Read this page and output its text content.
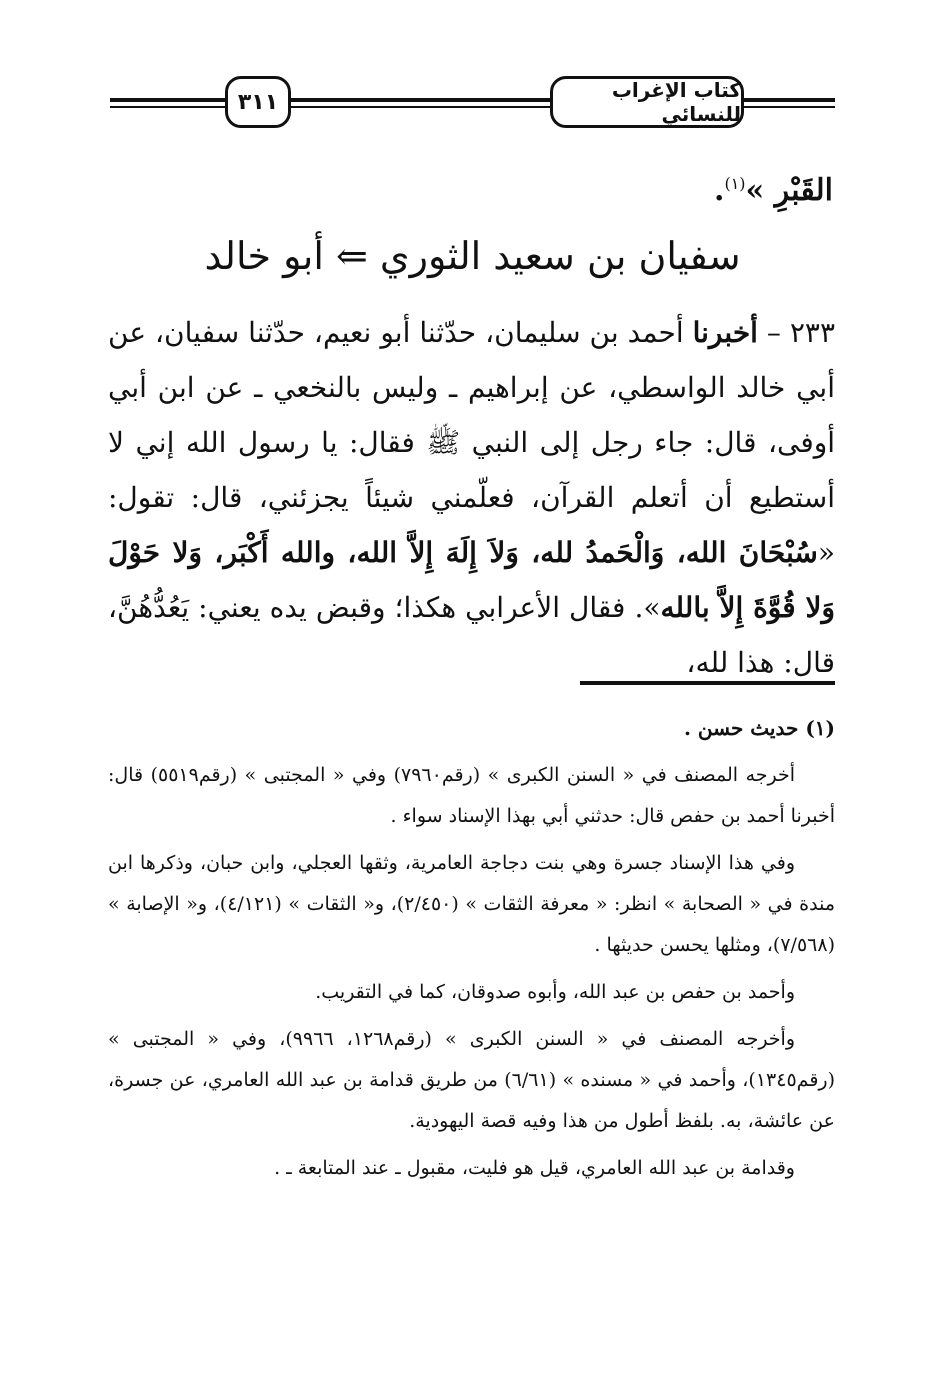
كتاب الإغراب للنسائي
٣١١
القَبْرِ »$^{(١)}$.
سفيان بن سعيد الثوري ⇐ أبو خالد
٢٣٣ – أخبرنا أحمد بن سليمان، حدّثنا أبو نعيم، حدّثنا سفيان، عن أبي خالد الواسطي، عن إبراهيم ـ وليس بالنخعي ـ عن ابن أبي أوفى، قال: جاء رجل إلى النبي ﷺ فقال: يا رسول الله إني لا أستطيع أن أتعلم القرآن، فعلّمني شيئاً يجزئني، قال: تقول: «سُبْحَانَ الله، وَالْحَمدُ لله، وَلاَ إِلَهَ إِلاَّ الله، والله أَكْبَر، وَلا حَوْلَ وَلا قُوَّةَ إِلاَّ بالله». فقال الأعرابي هكذا؛ وقبض يده يعني: يَعُدُّهُنَّ، قال: هذا لله،

(١) حديث حسن .

أخرجه المصنف في « السنن الكبرى » (رقم٧٩٦٠) وفي « المجتبى » (رقم٥٥١٩) قال: أخبرنا أحمد بن حفص قال: حدثني أبي بهذا الإسناد سواء .

وفي هذا الإسناد جسرة وهي بنت دجاجة العامرية، وثقها العجلي، وابن حبان، وذكرها ابن مندة في « الصحابة » انظر: « معرفة الثقات » (٢/٤٥٠)، و« الثقات » (٤/١٢١)، و« الإصابة » (٧/٥٦٨)، ومثلها يحسن حديثها .

وأحمد بن حفص بن عبد الله، وأبوه صدوقان، كما في التقريب.

وأخرجه المصنف في « السنن الكبرى » (رقم١٢٦٨، ٩٩٦٦)، وفي « المجتبى » (رقم١٣٤٥)، وأحمد في « مسنده » (٦/٦١) من طريق قدامة بن عبد الله العامري، عن جسرة، عن عائشة، به. بلفظ أطول من هذا وفيه قصة اليهودية.

وقدامة بن عبد الله العامري، قيل هو فليت، مقبول ـ عند المتابعة ـ .
